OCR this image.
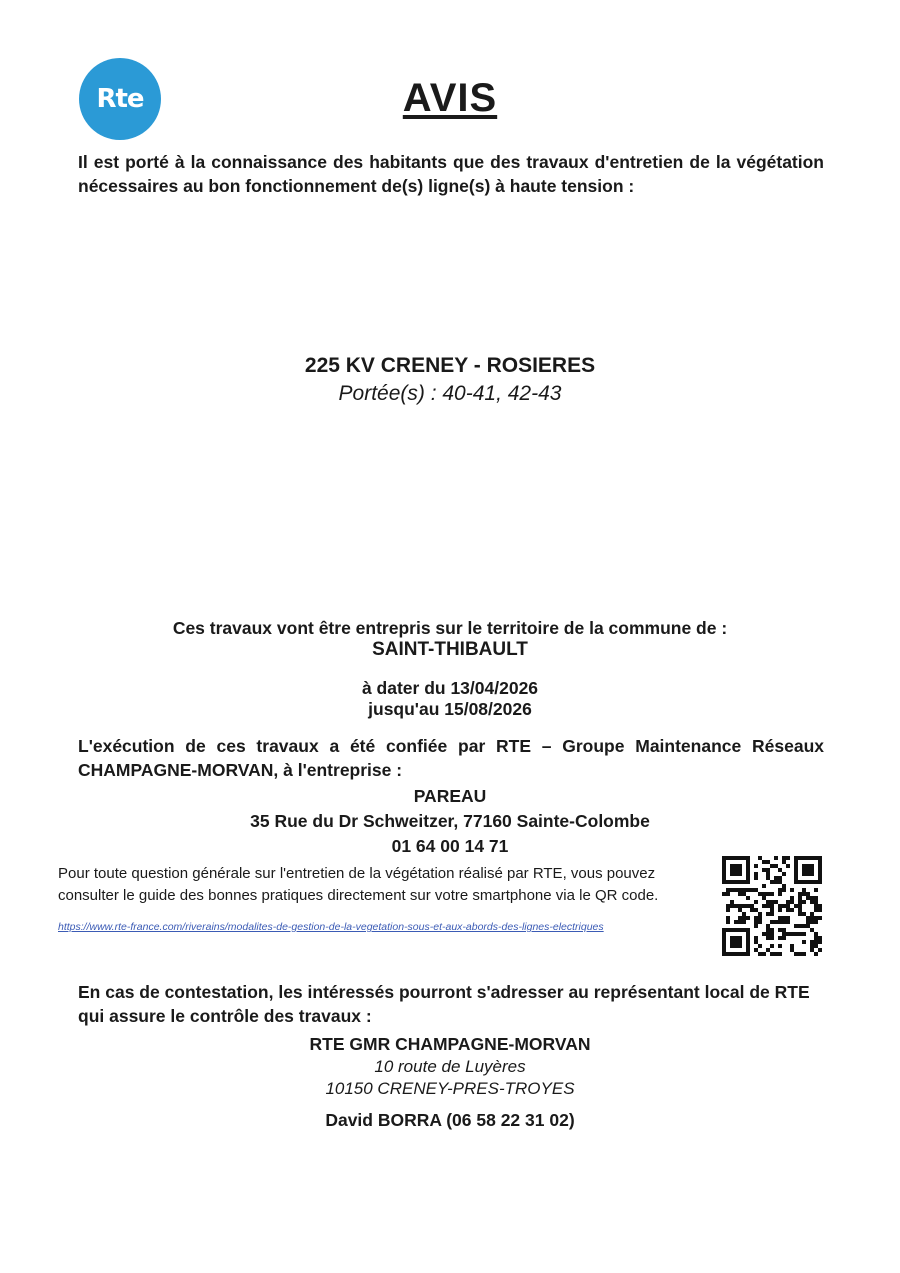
Rte	AVIS
Il est porté à la connaissance des habitants que des travaux d'entretien de la végétation nécessaires au bon fonctionnement de(s) ligne(s) à haute tension :
225 KV CRENEY - ROSIERES
Portée(s) : 40-41, 42-43
Ces travaux vont être entrepris sur le territoire de la commune de :
SAINT-THIBAULT
à dater du 13/04/2026
jusqu'au 15/08/2026
L'exécution de ces travaux a été confiée par RTE – Groupe Maintenance Réseaux CHAMPAGNE-MORVAN, à l'entreprise :
PAREAU
35 Rue du Dr Schweitzer, 77160 Sainte-Colombe
01 64 00 14 71
Pour toute question générale sur l'entretien de la végétation réalisé par RTE, vous pouvez consulter le guide des bonnes pratiques directement sur votre smartphone via le QR code.
https://www.rte-france.com/riverains/modalites-de-gestion-de-la-vegetation-sous-et-aux-abords-des-lignes-electriques
En cas de contestation, les intéressés pourront s'adresser au représentant local de RTE qui assure le contrôle des travaux :
RTE GMR CHAMPAGNE-MORVAN
10 route de Luyères
10150 CRENEY-PRES-TROYES
David BORRA (06 58 22 31 02)
